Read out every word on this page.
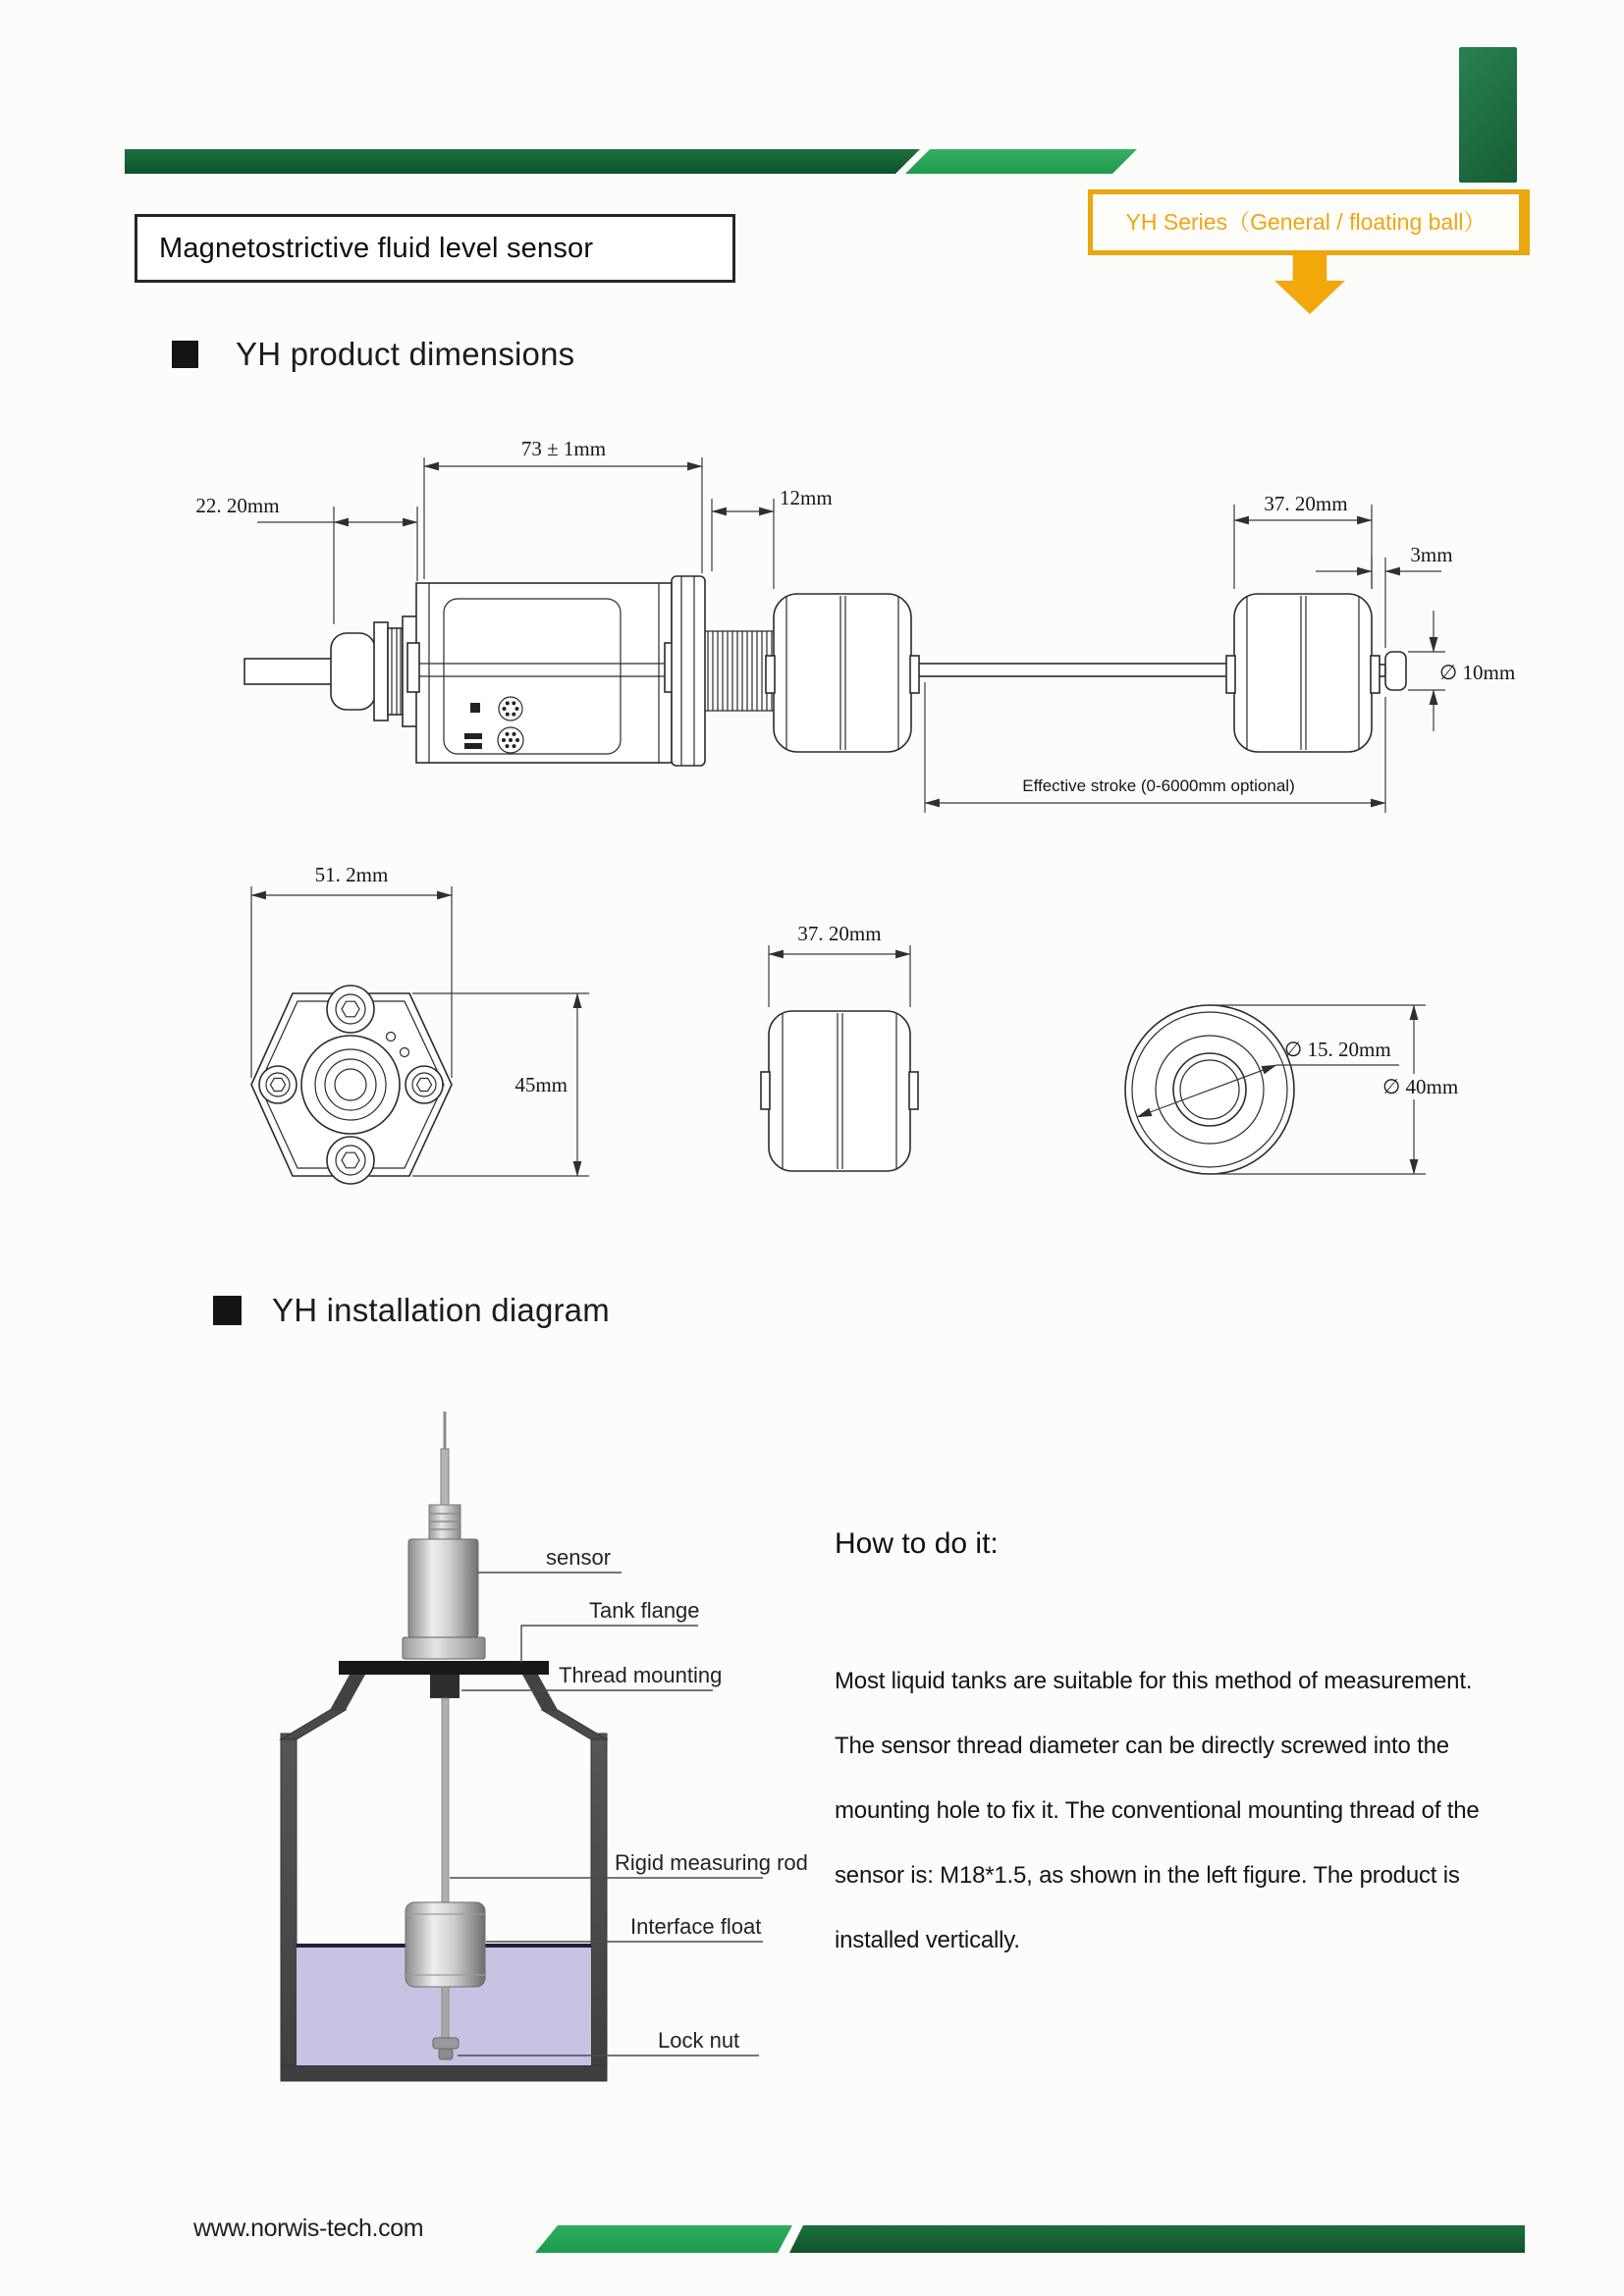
Magnetostrictive fluid level sensor
YH Series（General / floating ball）
YH product dimensions
73 ± 1mm
22. 20mm	12mm	37. 20mm
3mm
∅ 10mm
Effective stroke (0-6000mm optional)
51. 2mm
45mm
37. 20mm
∅ 15. 20mm
∅ 40mm
YH installation diagram
sensor
Tank flange
Thread mounting
Rigid measuring rod
Interface float
Lock nut
How to do it:
Most liquid tanks are suitable for this method of measurement.
The sensor thread diameter can be directly screwed into the
mounting hole to fix it. The conventional mounting thread of the
sensor is: M18*1.5, as shown in the left figure. The product is
installed vertically.
www.norwis-tech.com
